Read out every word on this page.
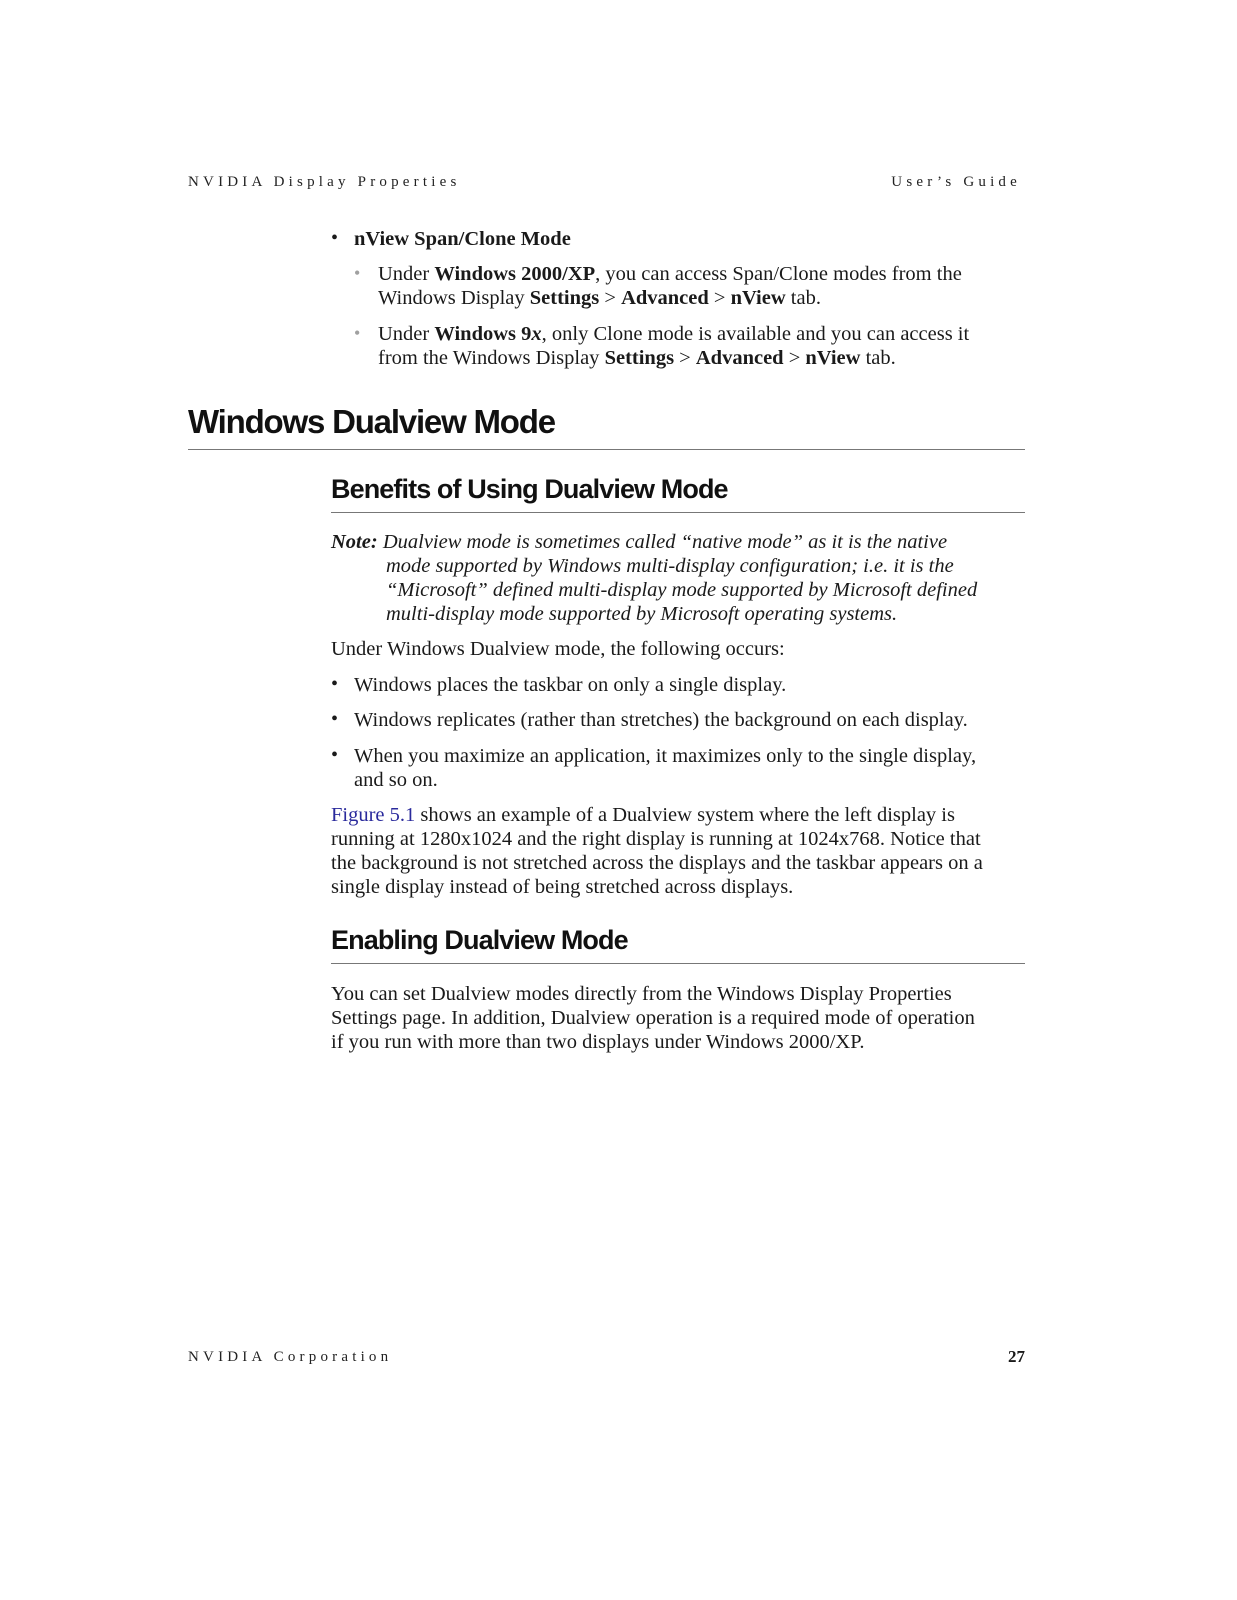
NVIDIA Display Properties	User’s Guide
• nView Span/Clone Mode
• Under Windows 2000/XP, you can access Span/Clone modes from the
Windows Display Settings > Advanced > nView tab.
• Under Windows 9x, only Clone mode is available and you can access it
from the Windows Display Settings > Advanced > nView tab.
Windows Dualview Mode
Benefits of Using Dualview Mode
Note: Dualview mode is sometimes called “native mode” as it is the native
mode supported by Windows multi-display configuration; i.e. it is the
“Microsoft” defined multi-display mode supported by Microsoft defined
multi-display mode supported by Microsoft operating systems.
Under Windows Dualview mode, the following occurs:
• Windows places the taskbar on only a single display.
• Windows replicates (rather than stretches) the background on each display.
• When you maximize an application, it maximizes only to the single display,
and so on.
Figure 5.1 shows an example of a Dualview system where the left display is
running at 1280x1024 and the right display is running at 1024x768. Notice that
the background is not stretched across the displays and the taskbar appears on a
single display instead of being stretched across displays.
Enabling Dualview Mode
You can set Dualview modes directly from the Windows Display Properties
Settings page. In addition, Dualview operation is a required mode of operation
if you run with more than two displays under Windows 2000/XP.
NVIDIA Corporation	27
